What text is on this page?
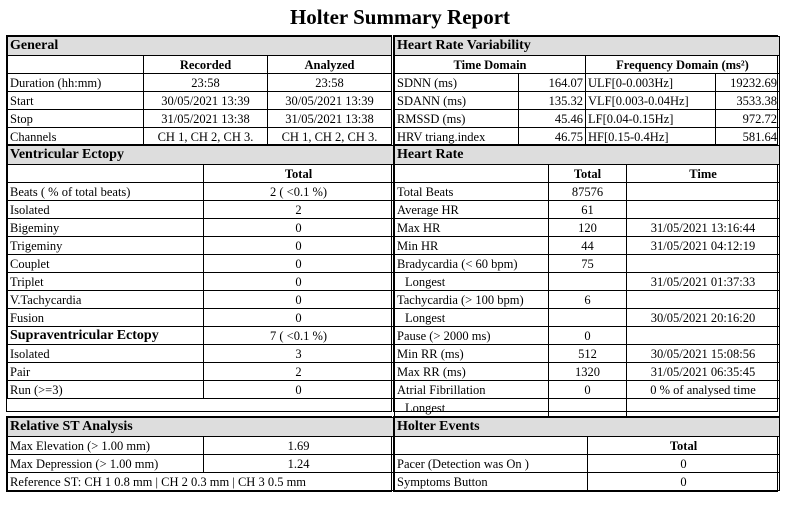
Holter Summary Report
General		
	Recorded	Analyzed
Duration (hh:mm)	23:58	23:58
Start	30/05/2021 13:39	30/05/2021 13:39
Stop	31/05/2021 13:38	31/05/2021 13:38
Channels	CH 1, CH 2, CH 3.	CH 1, CH 2, CH 3.
Heart Rate Variability			
Time Domain		Frequency Domain (ms²)	
SDNN (ms)	164.07	ULF[0-0.003Hz]	19232.69
SDANN (ms)	135.32	VLF[0.003-0.04Hz]	3533.38
RMSSD (ms)	45.46	LF[0.04-0.15Hz]	972.72
HRV triang.index	46.75	HF[0.15-0.4Hz]	581.64
Ventricular Ectopy	
	Total
Beats ( % of total beats)	2 ( <0.1 %)
Isolated	2
Bigeminy	0
Trigeminy	0
Couplet	0
Triplet	0
V.Tachycardia	0
Fusion	0
Supraventricular Ectopy	7 ( <0.1 %)
Isolated	3
Pair	2
Run (>=3)	0
Heart Rate		
	Total	Time
Total Beats	87576	
Average HR	61	
Max HR	120	31/05/2021 13:16:44
Min HR	44	31/05/2021 04:12:19
Bradycardia (< 60 bpm)	75	
Longest		31/05/2021 01:37:33
Tachycardia (> 100 bpm)	6	
Longest		30/05/2021 20:16:20
Pause (> 2000 ms)	0	
Min RR (ms)	512	30/05/2021 15:08:56
Max RR (ms)	1320	31/05/2021 06:35:45
Atrial Fibrillation	0	0 % of analysed time
Longest		
Relative ST Analysis	
Max Elevation (> 1.00 mm)	1.69
Max Depression (> 1.00 mm)	1.24
Reference ST: CH 1 0.8 mm | CH 2 0.3 mm | CH 3 0.5 mm	
Holter Events	
	Total
Pacer (Detection was On )	0
Symptoms Button	0
